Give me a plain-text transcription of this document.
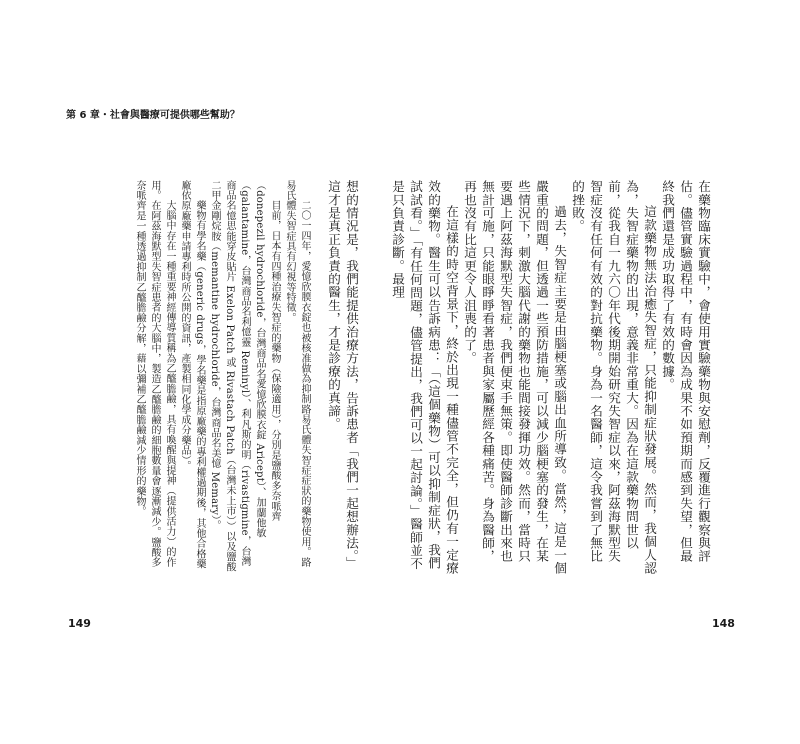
第 6 章・社會與醫療可提供哪些幫助？

在藥物臨床實驗中，會使用實驗藥物與安慰劑，反覆進行觀察與評估。儘管實驗過程中，有時會因為成果不如預期而感到失望，但最終我們還是成功取得了有效的數據。

這款藥物無法治癒失智症，只能抑制症狀發展。然而，我個人認為，失智症藥物的出現，意義非常重大。因為在這款藥物問世以前，從我自一九六〇年代後期開始研究失智症以來，阿茲海默型失智症沒有任何有效的對抗藥物。身為一名醫師，這令我嘗到了無比的挫敗。

過去，失智症主要是由腦梗塞或腦出血所導致。當然，這是一個嚴重的問題，但透過一些預防措施，可以減少腦梗塞的發生，在某些情況下，刺激大腦代謝的藥物也能間接發揮功效。然而，當時只要遇上阿茲海默型失智症，我們便束手無策。即使醫師診斷出來也無計可施，只能眼睜睜看著患者與家屬歷經各種痛苦。身為醫師，再也沒有比這更令人沮喪的了。

在這樣的時空背景下，終於出現一種儘管不完全，但仍有一定療效的藥物。醫生可以告訴病患：「（這個藥物）可以抑制症狀，我們試試看。」「有任何問題，儘管提出，我們可以一起討論。」醫師並不是只負責診斷。最理

想的情況是，我們能提供治療方法，告訴患者「我們一起想辦法。」這才是真正負責的醫生，才是診療的真諦。

二〇一四年，愛憶欣膜衣錠也被核准做為抑制路易氏體失智症症狀的藥物使用。路易氏體失智症具有幻視等特徵。

目前，日本有四種治療失智症的藥物（保險適用），分別是鹽酸多奈哌齊（donepezil hydrochloride，台灣商品名愛憶欣膜衣錠 Aricept）、加蘭他敏（galantamine，台灣商品名利憶靈 Reminyl）、利凡斯的明（rivastigmine，台灣商品名憶思能穿皮貼片 Exelon Patch 或 Rivastach Patch（台灣未上市））以及鹽酸二甲金剛烷胺（memantine hydrochloride，台灣商品名美憶 Memary）。

藥物有學名藥（generic drugs，學名藥是指原廠藥的專利權過期後，其他合格藥廠依原廠藥申請專利時所公開的資訊，產製相同化學成分藥品）。

大腦中存在一種重要神經傳導質稱為乙醯膽鹼，具有喚醒與提神（提供活力）的作用。在阿茲海默型失智症患者的大腦中，製造乙醯膽鹼的細胞數量會逐漸減少。鹽酸多奈哌齊是一種透過抑制乙醯膽鹼分解，藉以彌補乙醯膽鹼減少情形的藥物。

149	148
